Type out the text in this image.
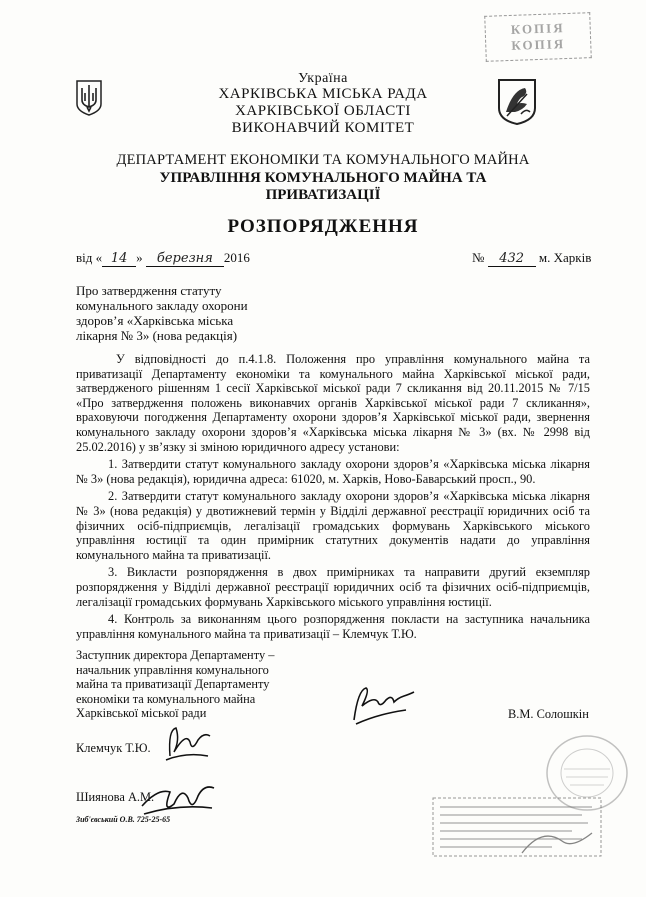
КОПІЯ
КОПІЯ
Україна
ХАРКІВСЬКА МІСЬКА РАДА
ХАРКІВСЬКОЇ ОБЛАСТІ
ВИКОНАВЧИЙ КОМІТЕТ
ДЕПАРТАМЕНТ ЕКОНОМІКИ ТА КОМУНАЛЬНОГО МАЙНА
УПРАВЛІННЯ КОМУНАЛЬНОГО МАЙНА ТА
ПРИВАТИЗАЦІЇ
РОЗПОРЯДЖЕННЯ
від « 14 » березня 2016	№ 432 м. Харків
Про затвердження статуту
комунального закладу охорони
здоров’я «Харківська міська
лікарня № 3» (нова редакція)

У відповідності до п.4.1.8. Положення про управління комунального майна та приватизації Департаменту економіки та комунального майна Харківської міської ради, затвердженого рішенням 1 сесії Харківської міської ради 7 скликання від 20.11.2015 № 7/15 «Про затвердження положень виконавчих органів Харківської міської ради 7 скликання», враховуючи погодження Департаменту охорони здоров’я Харківської міської ради, звернення комунального закладу охорони здоров’я «Харківська міська лікарня № 3» (вх. № 2998 від 25.02.2016) у зв’язку зі зміною юридичного адресу установи:

1. Затвердити статут комунального закладу охорони здоров’я «Харківська міська лікарня № 3» (нова редакція), юридична адреса: 61020, м. Харків, Ново-Баварський просп., 90.

2. Затвердити статут комунального закладу охорони здоров’я «Харківська міська лікарня № 3» (нова редакція) у двотижневий термін у Відділі державної реєстрації юридичних осіб та фізичних осіб-підприємців, легалізації громадських формувань Харківського міського управління юстиції та один примірник статутних документів надати до управління комунального майна та приватизації.

3. Викласти розпорядження в двох примірниках та направити другий екземпляр розпорядження у Відділі державної реєстрації юридичних осіб та фізичних осіб-підприємців, легалізації громадських формувань Харківського міського управління юстиції.

4. Контроль за виконанням цього розпорядження покласти на заступника начальника управління комунального майна та приватизації – Клемчук Т.Ю.

Заступник директора Департаменту –
начальник управління комунального
майна та приватизації Департаменту
економіки та комунального майна
Харківської міської ради	В.М. Солошкін
Клемчук Т.Ю.
Шиянова А.М.
Зиб'євський О.В. 725-25-65
